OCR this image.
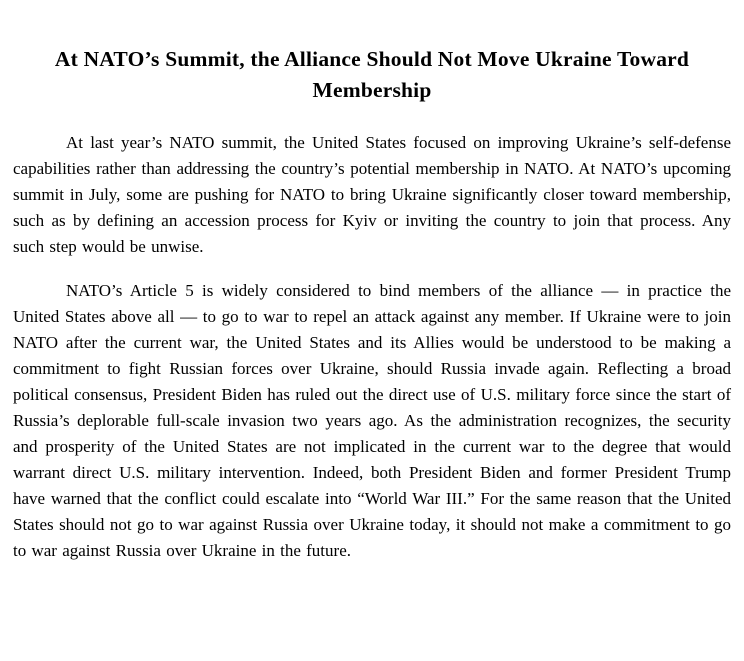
At NATO’s Summit, the Alliance Should Not Move Ukraine Toward Membership

At last year’s NATO summit, the United States focused on improving Ukraine’s self-defense capabilities rather than addressing the country’s potential membership in NATO. At NATO’s upcoming summit in July, some are pushing for NATO to bring Ukraine significantly closer toward membership, such as by defining an accession process for Kyiv or inviting the country to join that process. Any such step would be unwise.

NATO’s Article 5 is widely considered to bind members of the alliance — in practice the United States above all — to go to war to repel an attack against any member. If Ukraine were to join NATO after the current war, the United States and its Allies would be understood to be making a commitment to fight Russian forces over Ukraine, should Russia invade again. Reflecting a broad political consensus, President Biden has ruled out the direct use of U.S. military force since the start of Russia’s deplorable full-scale invasion two years ago. As the administration recognizes, the security and prosperity of the United States are not implicated in the current war to the degree that would warrant direct U.S. military intervention. Indeed, both President Biden and former President Trump have warned that the conflict could escalate into “World War III.” For the same reason that the United States should not go to war against Russia over Ukraine today, it should not make a commitment to go to war against Russia over Ukraine in the future.
